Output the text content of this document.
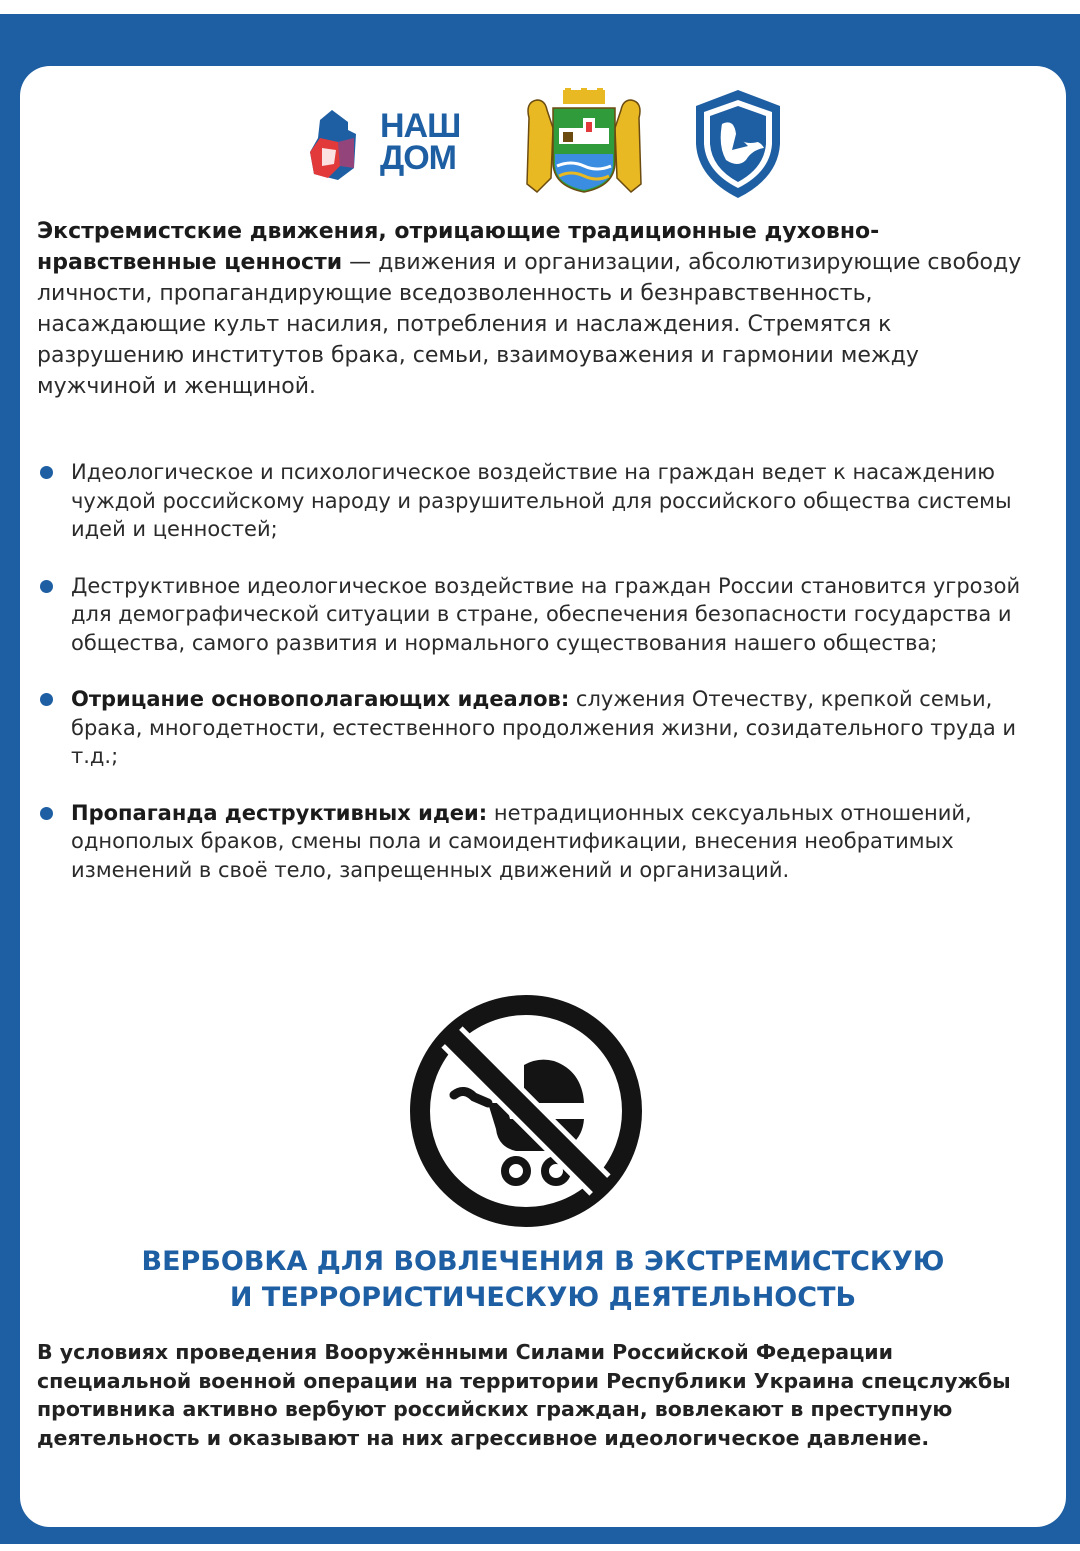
НАШ
ДОМ

Экстремистские движения, отрицающие традиционные духовно-нравственные ценности — движения и организации, абсолютизирующие свободу личности, пропагандирующие вседозволенность и безнравственность, насаждающие культ насилия, потребления и наслаждения. Стремятся к разрушению институтов брака, семьи, взаимоуважения и гармонии между мужчиной и женщиной.

Идеологическое и психологическое воздействие на граждан ведет к насаждению чуждой российскому народу и разрушительной для российского общества системы идей и ценностей;
Деструктивное идеологическое воздействие на граждан России становится угрозой для демографической ситуации в стране, обеспечения безопасности государства и общества, самого развития и нормального существования нашего общества;
Отрицание основополагающих идеалов: служения Отечеству, крепкой семьи, брака, многодетности, естественного продолжения жизни, созидательного труда и т.д.;
Пропаганда деструктивных идеи: нетрадиционных сексуальных отношений, однополых браков, смены пола и самоидентификации, внесения необратимых изменений в своё тело, запрещенных движений и организаций.
ВЕРБОВКА ДЛЯ ВОВЛЕЧЕНИЯ В ЭКСТРЕМИСТСКУЮ
И ТЕРРОРИСТИЧЕСКУЮ ДЕЯТЕЛЬНОСТЬ

В условиях проведения Вооружёнными Силами Российской Федерации специальной военной операции на территории Республики Украина спецслужбы противника активно вербуют российских граждан, вовлекают в преступную деятельность и оказывают на них агрессивное идеологическое давление.
